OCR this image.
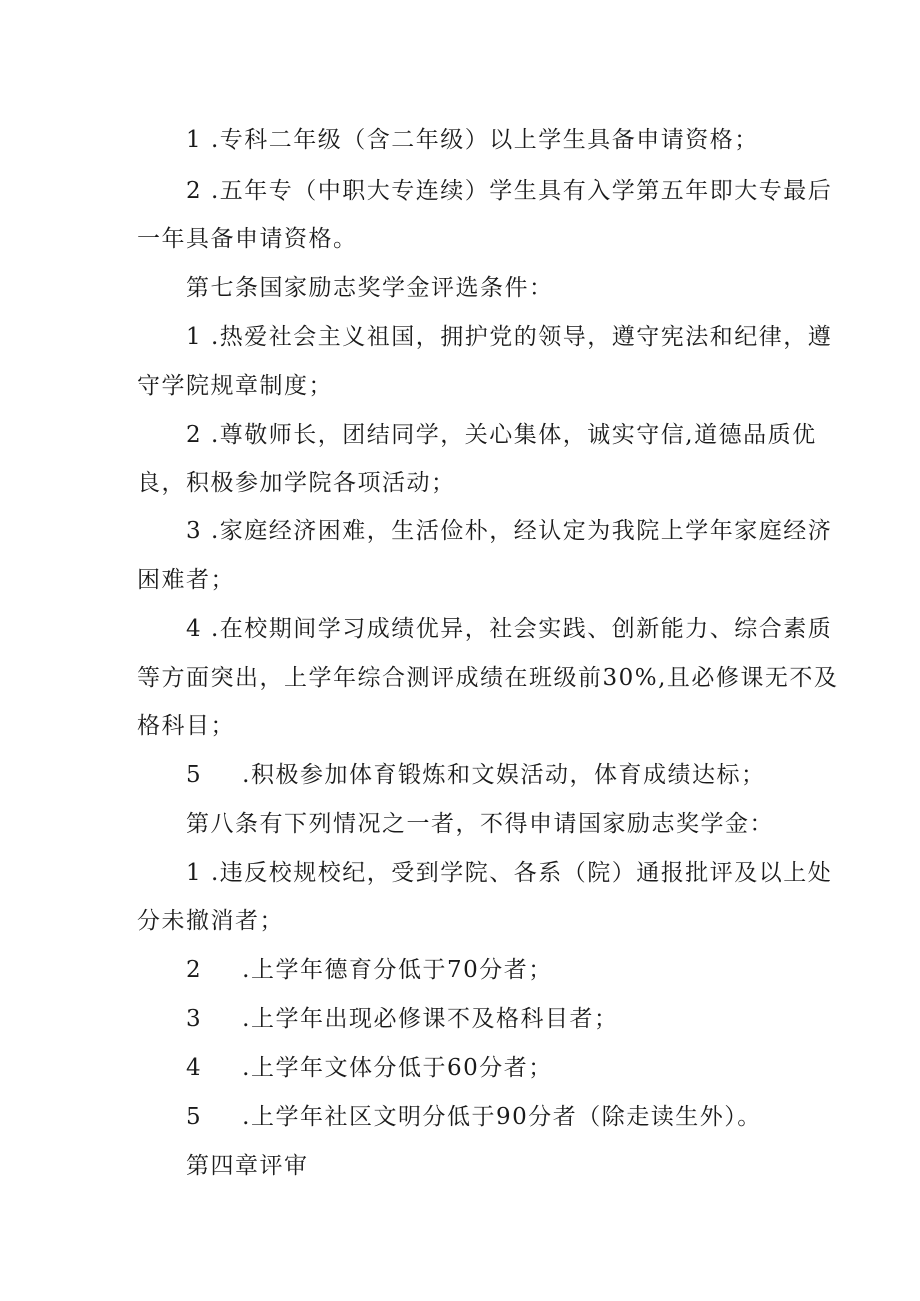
1 .专科二年级（含二年级）以上学生具备申请资格；
2 .五年专（中职大专连续）学生具有入学第五年即大专最后
一年具备申请资格。
第七条国家励志奖学金评选条件：
1 .热爱社会主义祖国，拥护党的领导，遵守宪法和纪律，遵
守学院规章制度；
2 .尊敬师长，团结同学，关心集体，诚实守信,道德品质优
良，积极参加学院各项活动；
3 .家庭经济困难，生活俭朴，经认定为我院上学年家庭经济
困难者；
4 .在校期间学习成绩优异，社会实践、创新能力、综合素质
等方面突出，上学年综合测评成绩在班级前30%,且必修课无不及
格科目；
5 .积极参加体育锻炼和文娱活动，体育成绩达标；
第八条有下列情况之一者，不得申请国家励志奖学金：
1 .违反校规校纪，受到学院、各系（院）通报批评及以上处
分未撤消者；
2 .上学年德育分低于70分者；
3 .上学年出现必修课不及格科目者；
4 .上学年文体分低于60分者；
5 .上学年社区文明分低于90分者（除走读生外）。
第四章评审
